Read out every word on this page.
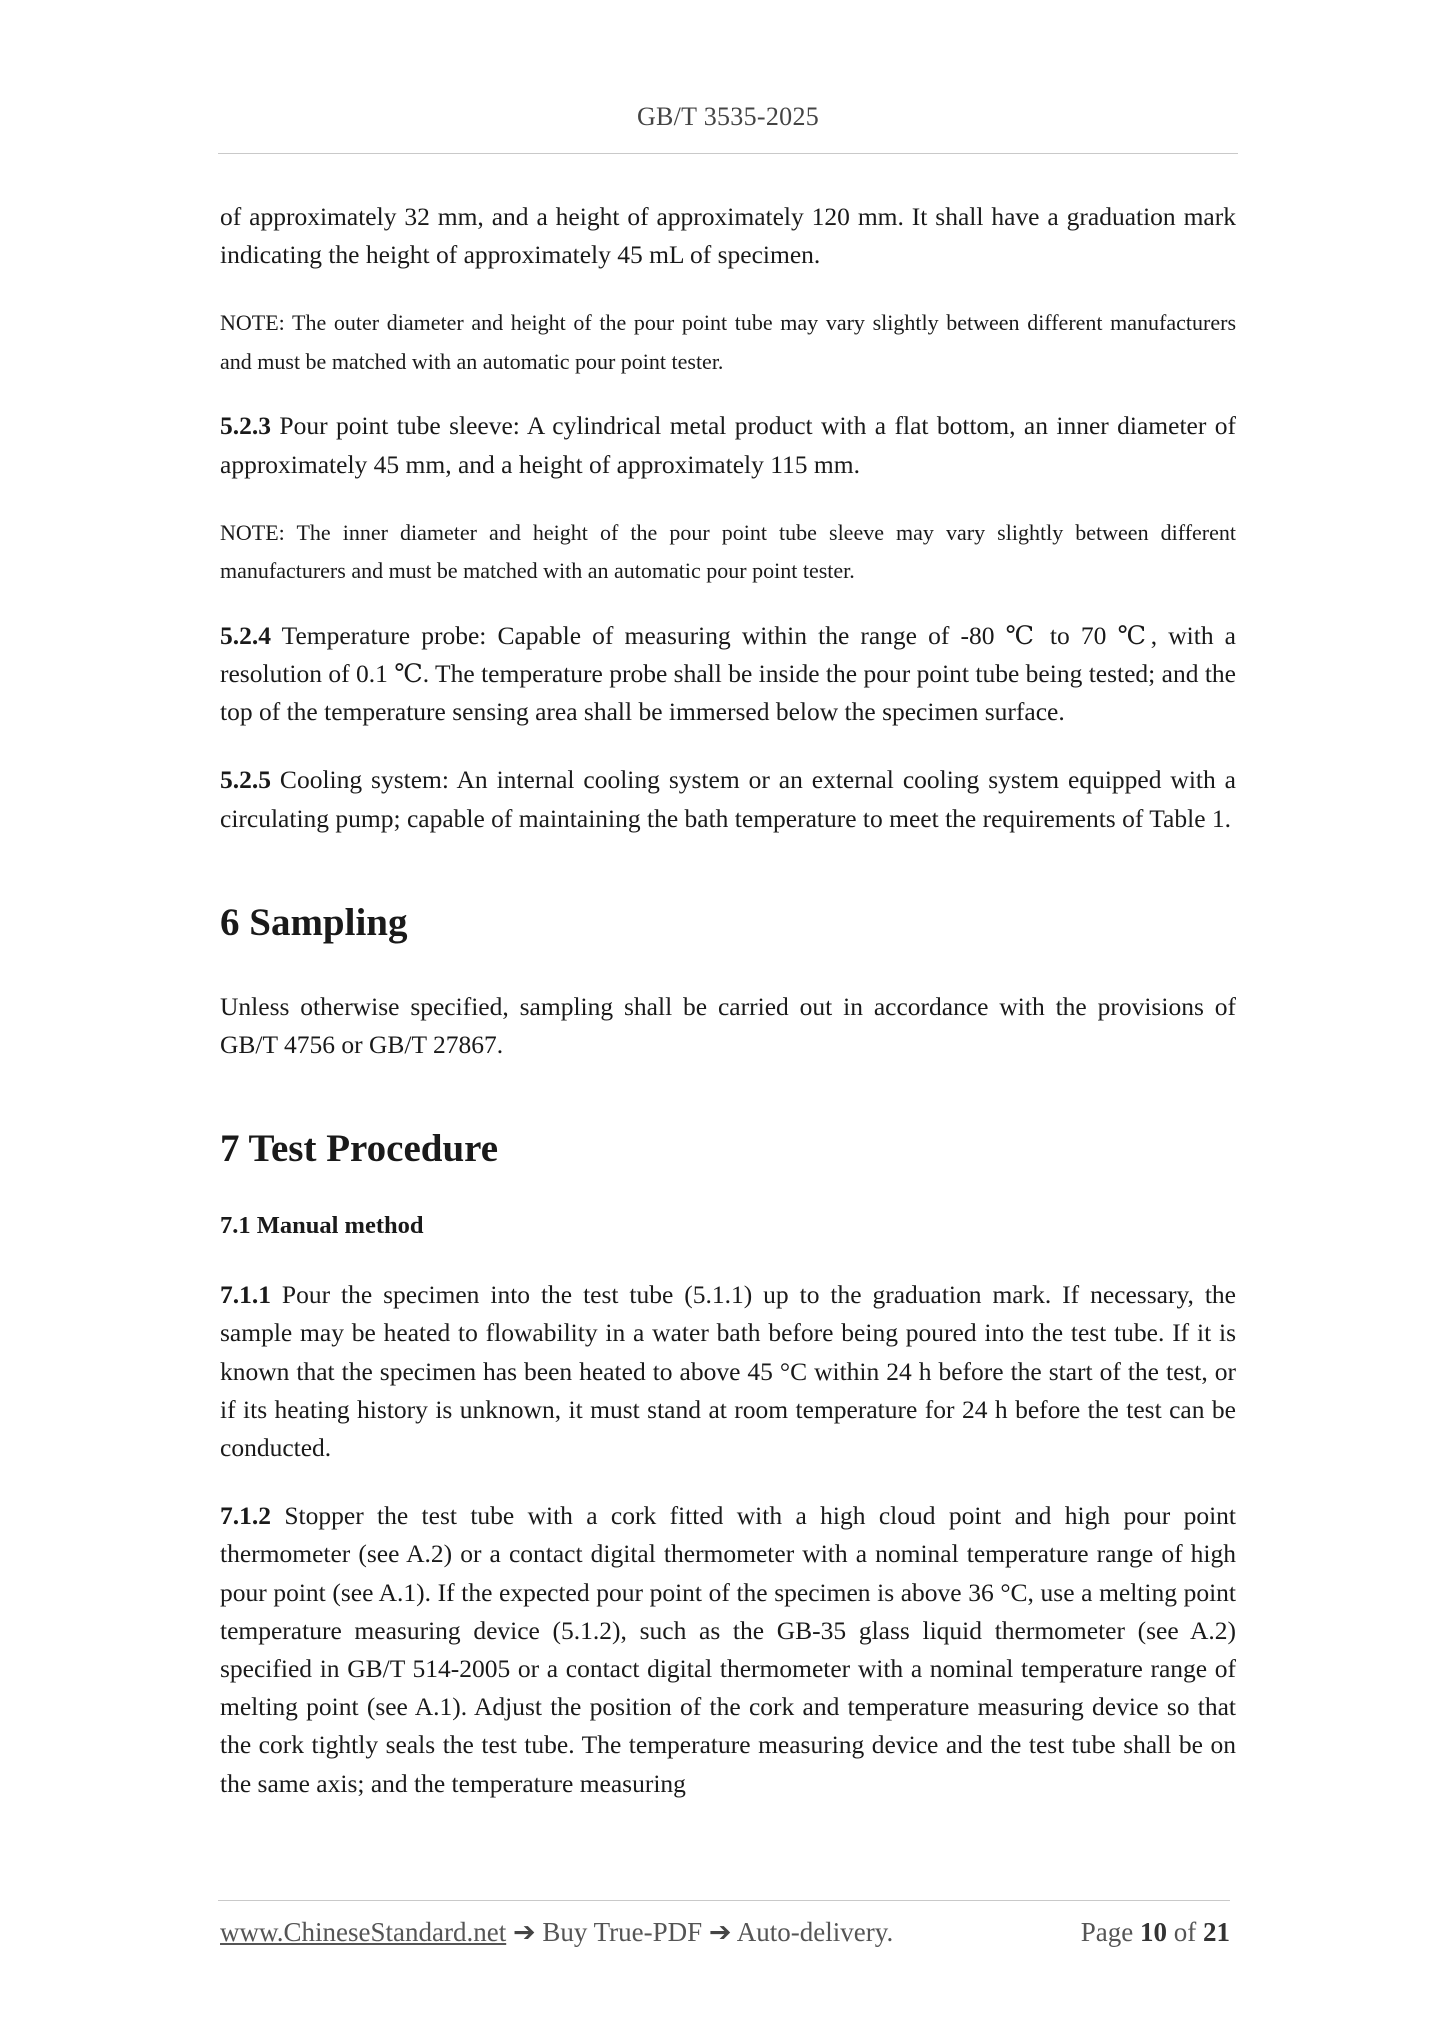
GB/T 3535-2025

of approximately 32 mm, and a height of approximately 120 mm. It shall have a graduation mark indicating the height of approximately 45 mL of specimen.

NOTE: The outer diameter and height of the pour point tube may vary slightly between different manufacturers and must be matched with an automatic pour point tester.

5.2.3 Pour point tube sleeve: A cylindrical metal product with a flat bottom, an inner diameter of approximately 45 mm, and a height of approximately 115 mm.

NOTE: The inner diameter and height of the pour point tube sleeve may vary slightly between different manufacturers and must be matched with an automatic pour point tester.

5.2.4 Temperature probe: Capable of measuring within the range of -80 ℃ to 70 ℃, with a resolution of 0.1 ℃. The temperature probe shall be inside the pour point tube being tested; and the top of the temperature sensing area shall be immersed below the specimen surface.

5.2.5 Cooling system: An internal cooling system or an external cooling system equipped with a circulating pump; capable of maintaining the bath temperature to meet the requirements of Table 1.

6 Sampling

Unless otherwise specified, sampling shall be carried out in accordance with the provisions of GB/T 4756 or GB/T 27867.

7 Test Procedure
7.1 Manual method

7.1.1 Pour the specimen into the test tube (5.1.1) up to the graduation mark. If necessary, the sample may be heated to flowability in a water bath before being poured into the test tube. If it is known that the specimen has been heated to above 45 °C within 24 h before the start of the test, or if its heating history is unknown, it must stand at room temperature for 24 h before the test can be conducted.

7.1.2 Stopper the test tube with a cork fitted with a high cloud point and high pour point thermometer (see A.2) or a contact digital thermometer with a nominal temperature range of high pour point (see A.1). If the expected pour point of the specimen is above 36 °C, use a melting point temperature measuring device (5.1.2), such as the GB-35 glass liquid thermometer (see A.2) specified in GB/T 514-2005 or a contact digital thermometer with a nominal temperature range of melting point (see A.1). Adjust the position of the cork and temperature measuring device so that the cork tightly seals the test tube. The temperature measuring device and the test tube shall be on the same axis; and the temperature measuring

www.ChineseStandard.net ➔ Buy True-PDF ➔ Auto-delivery.	Page 10 of 21
